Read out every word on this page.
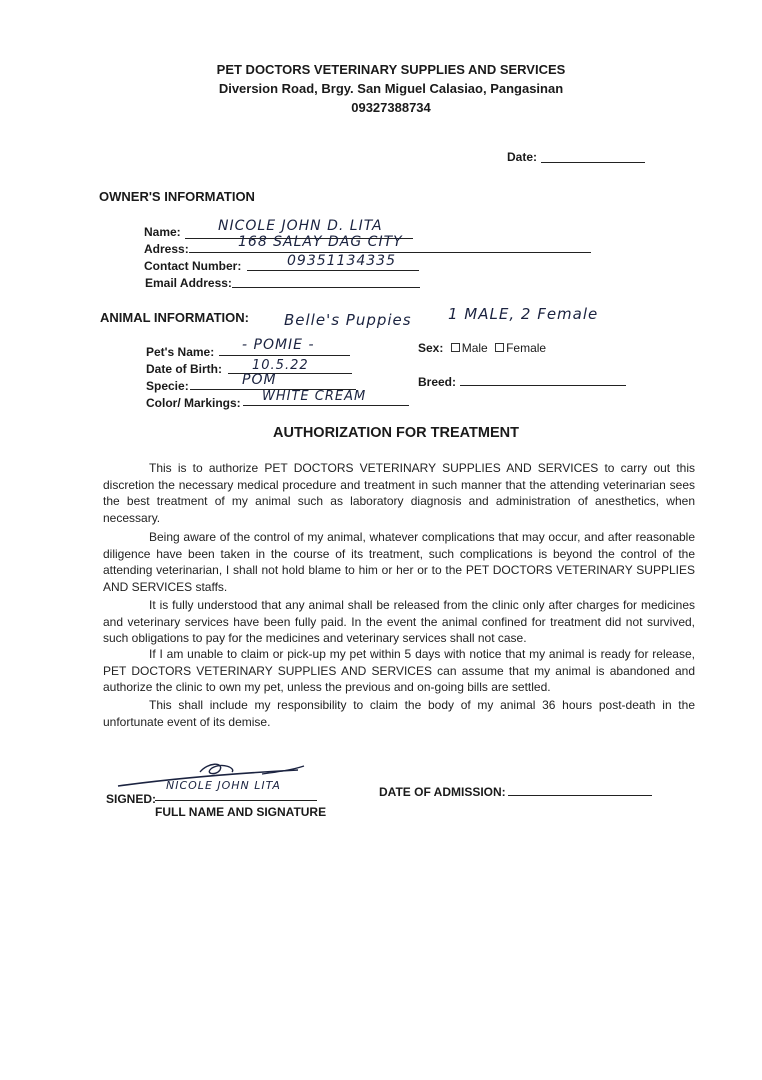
PET DOCTORS VETERINARY SUPPLIES AND SERVICES
Diversion Road, Brgy. San Miguel Calasiao, Pangasinan
09327388734
Date:
OWNER'S INFORMATION
Name:	NICOLE JOHN D. LITA
Adress:	168 SALAY DAG CITY
Contact Number:	09351134335
Email Address:
ANIMAL INFORMATION: Belle's Puppies 1 MALE, 2 Female
Pet's Name: - POMIE -
Date of Birth: 10.5.22
Specie:	POM
Color/ Markings: WHITE CREAM
Sex: Male Female
Breed:
AUTHORIZATION FOR TREATMENT
This is to authorize PET DOCTORS VETERINARY SUPPLIES AND SERVICES to carry out this discretion the necessary medical procedure and treatment in such manner that the attending veterinarian sees the best treatment of my animal such as laboratory diagnosis and administration of anesthetics, when necessary.
Being aware of the control of my animal, whatever complications that may occur, and after reasonable diligence have been taken in the course of its treatment, such complications is beyond the control of the attending veterinarian, I shall not hold blame to him or her or to the PET DOCTORS VETERINARY SUPPLIES AND SERVICES staffs.
It is fully understood that any animal shall be released from the clinic only after charges for medicines and veterinary services have been fully paid. In the event the animal confined for treatment did not survived, such obligations to pay for the medicines and veterinary services shall not case.
If I am unable to claim or pick-up my pet within 5 days with notice that my animal is ready for release, PET DOCTORS VETERINARY SUPPLIES AND SERVICES can assume that my animal is abandoned and authorize the clinic to own my pet, unless the previous and on-going bills are settled.
This shall include my responsibility to claim the body of my animal 36 hours post-death in the unfortunate event of its demise.
NICOLE JOHN LITA
SIGNED:
FULL NAME AND SIGNATURE
DATE OF ADMISSION:
